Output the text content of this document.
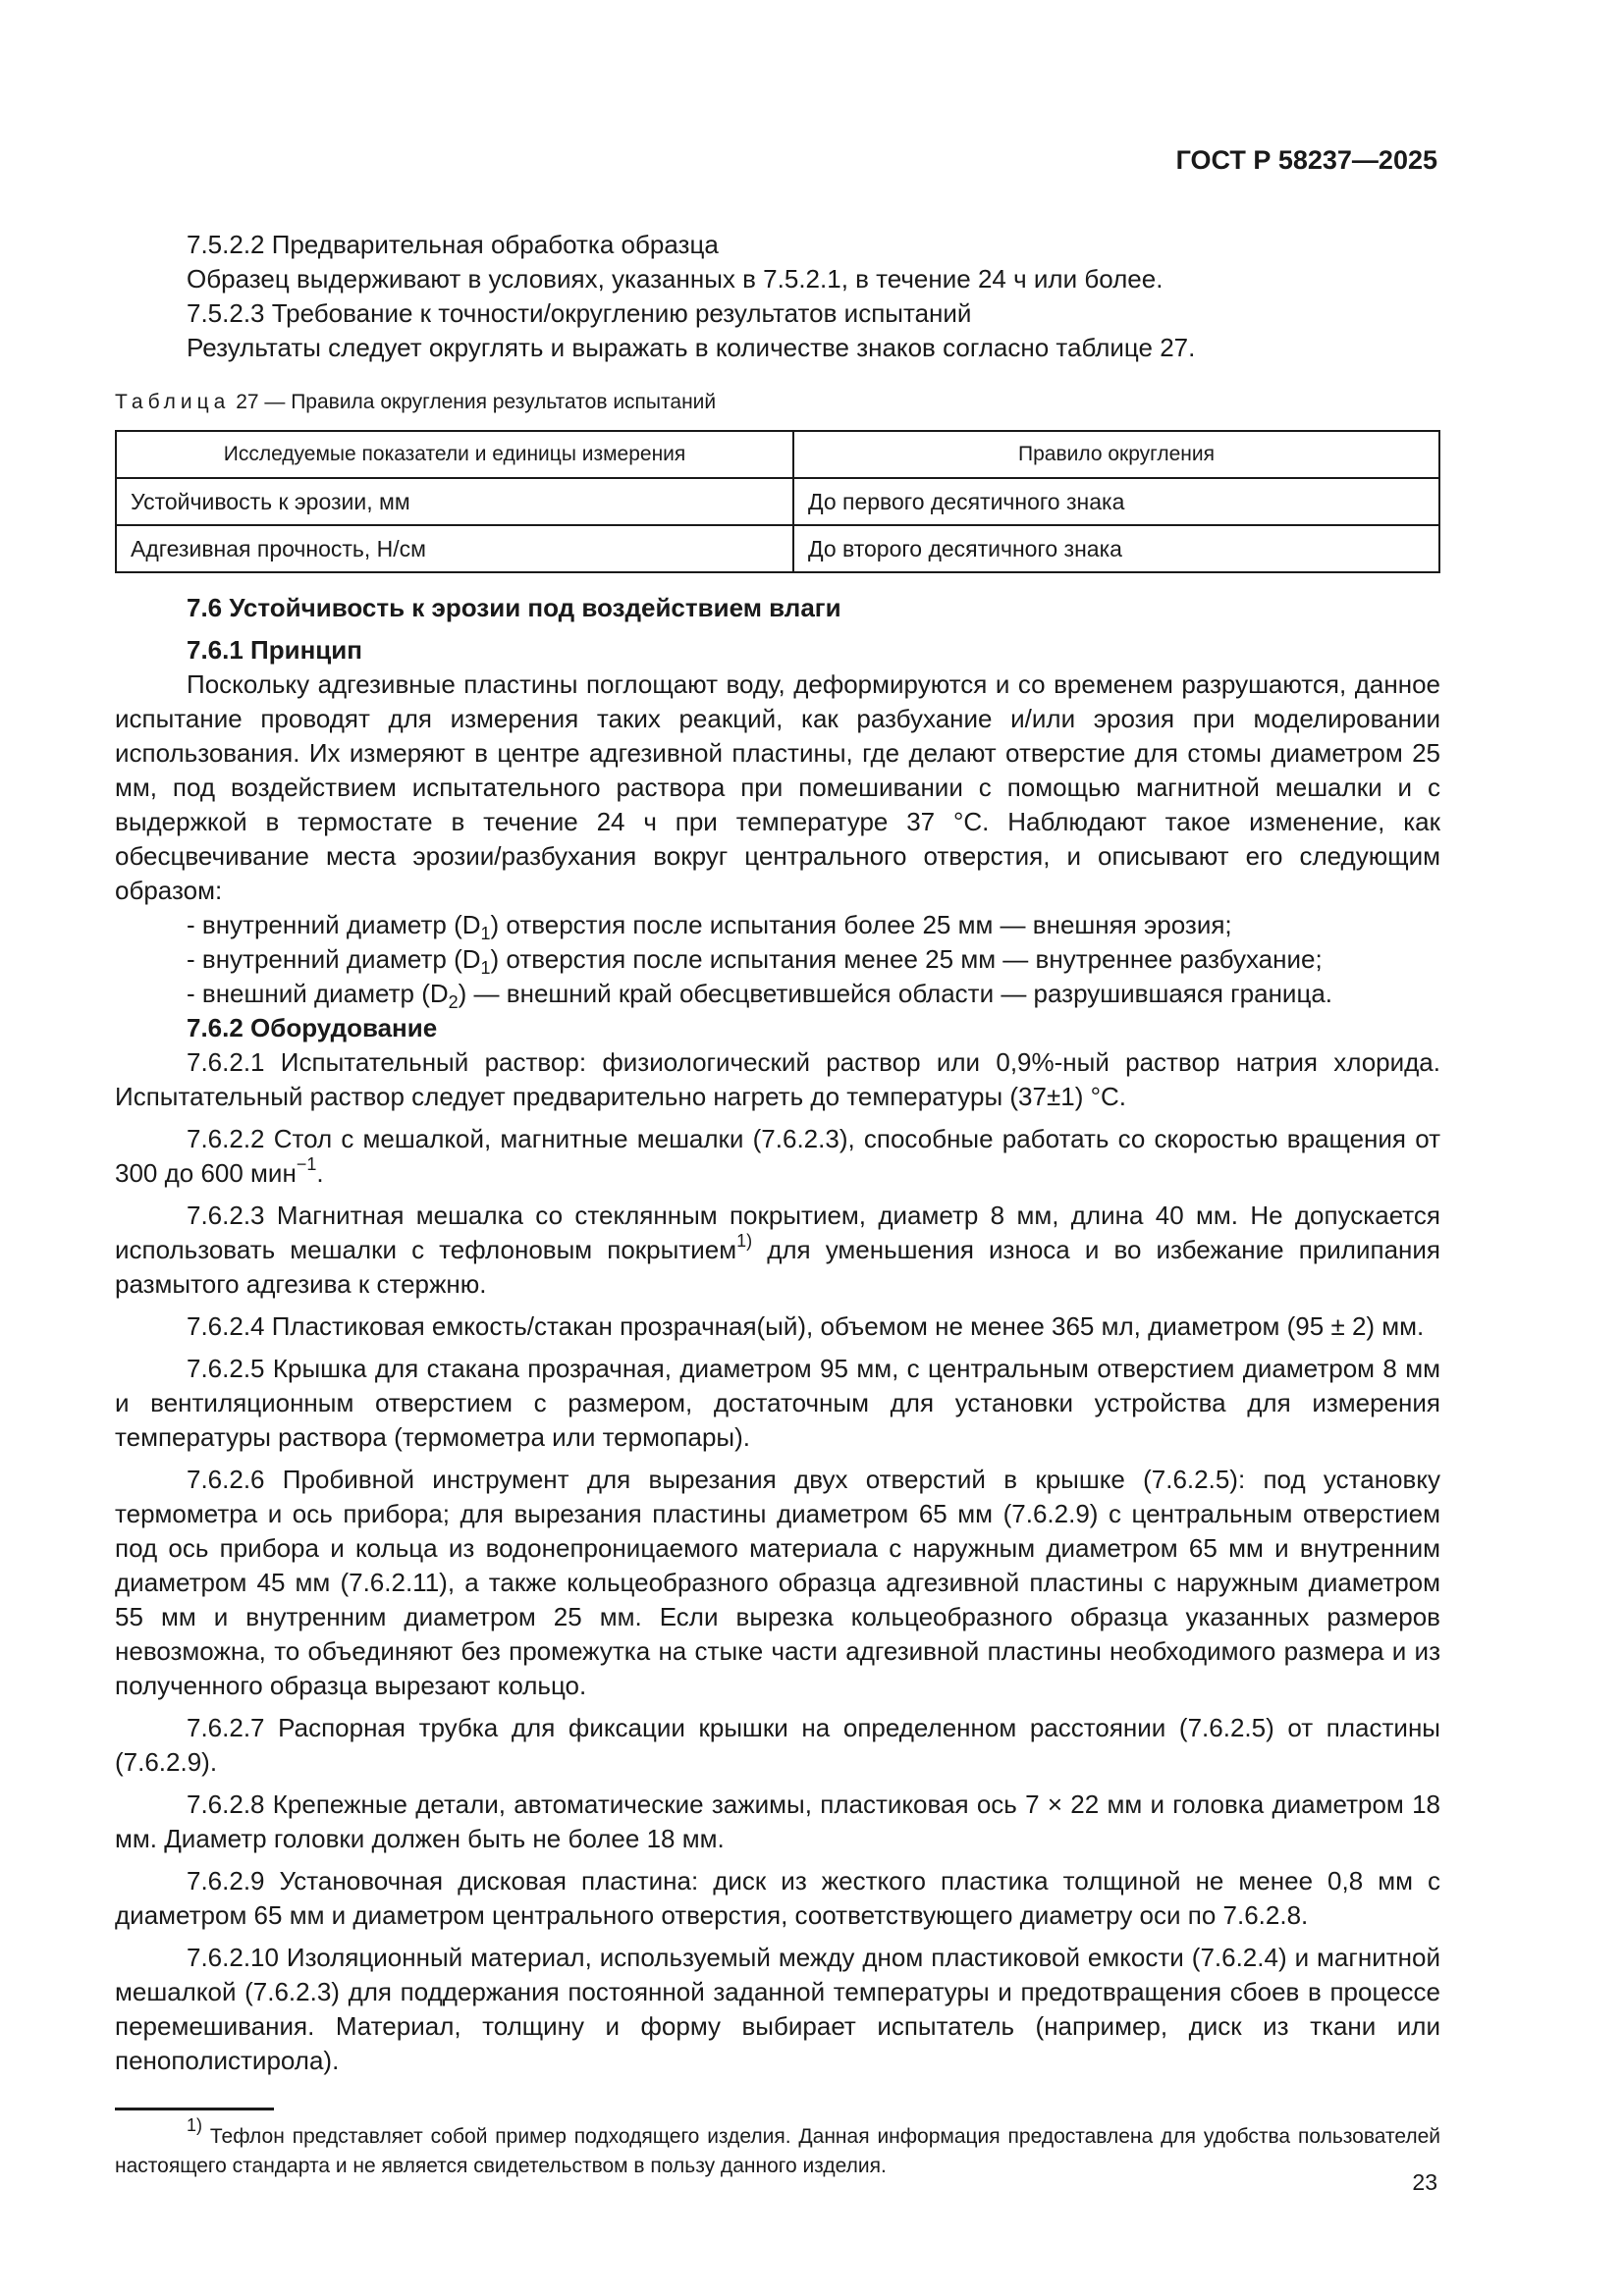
ГОСТ Р 58237—2025

7.5.2.2 Предварительная обработка образца

Образец выдерживают в условиях, указанных в 7.5.2.1, в течение 24 ч или более.

7.5.2.3 Требование к точности/округлению результатов испытаний

Результаты следует округлять и выражать в количестве знаков согласно таблице 27.

Таблица 27 — Правила округления результатов испытаний

Исследуемые показатели и единицы измерения	Правило округления
Устойчивость к эрозии, мм	До первого десятичного знака
Адгезивная прочность, Н/см	До второго десятичного знака

7.6 Устойчивость к эрозии под воздействием влаги

7.6.1 Принцип

Поскольку адгезивные пластины поглощают воду, деформируются и со временем разрушаются, данное испытание проводят для измерения таких реакций, как разбухание и/или эрозия при моделировании использования. Их измеряют в центре адгезивной пластины, где делают отверстие для стомы диаметром 25 мм, под воздействием испытательного раствора при помешивании с помощью магнитной мешалки и с выдержкой в термостате в течение 24 ч при температуре 37 °C. Наблюдают такое изменение, как обесцвечивание места эрозии/разбухания вокруг центрального отверстия, и описывают его следующим образом:

- внутренний диаметр $(D_1)$ отверстия после испытания более 25 мм — внешняя эрозия;

- внутренний диаметр $(D_1)$ отверстия после испытания менее 25 мм — внутреннее разбухание;

- внешний диаметр $(D_2)$ — внешний край обесцветившейся области — разрушившаяся граница.

7.6.2 Оборудование

7.6.2.1 Испытательный раствор: физиологический раствор или 0,9%-ный раствор натрия хлорида. Испытательный раствор следует предварительно нагреть до температуры (37±1) °C.

7.6.2.2 Стол с мешалкой, магнитные мешалки (7.6.2.3), способные работать со скоростью вращения от 300 до 600 мин$^{-1}$.

7.6.2.3 Магнитная мешалка со стеклянным покрытием, диаметр 8 мм, длина 40 мм. Не допускается использовать мешалки с тефлоновым покрытием$^{1)}$ для уменьшения износа и во избежание прилипания размытого адгезива к стержню.

7.6.2.4 Пластиковая емкость/стакан прозрачная(ый), объемом не менее 365 мл, диаметром (95 ± 2) мм.

7.6.2.5 Крышка для стакана прозрачная, диаметром 95 мм, с центральным отверстием диаметром 8 мм и вентиляционным отверстием с размером, достаточным для установки устройства для измерения температуры раствора (термометра или термопары).

7.6.2.6 Пробивной инструмент для вырезания двух отверстий в крышке (7.6.2.5): под установку термометра и ось прибора; для вырезания пластины диаметром 65 мм (7.6.2.9) с центральным отверстием под ось прибора и кольца из водонепроницаемого материала с наружным диаметром 65 мм и внутренним диаметром 45 мм (7.6.2.11), а также кольцеобразного образца адгезивной пластины с наружным диаметром 55 мм и внутренним диаметром 25 мм. Если вырезка кольцеобразного образца указанных размеров невозможна, то объединяют без промежутка на стыке части адгезивной пластины необходимого размера и из полученного образца вырезают кольцо.

7.6.2.7 Распорная трубка для фиксации крышки на определенном расстоянии (7.6.2.5) от пластины (7.6.2.9).

7.6.2.8 Крепежные детали, автоматические зажимы, пластиковая ось 7 × 22 мм и головка диаметром 18 мм. Диаметр головки должен быть не более 18 мм.

7.6.2.9 Установочная дисковая пластина: диск из жесткого пластика толщиной не менее 0,8 мм с диаметром 65 мм и диаметром центрального отверстия, соответствующего диаметру оси по 7.6.2.8.

7.6.2.10 Изоляционный материал, используемый между дном пластиковой емкости (7.6.2.4) и магнитной мешалкой (7.6.2.3) для поддержания постоянной заданной температуры и предотвращения сбоев в процессе перемешивания. Материал, толщину и форму выбирает испытатель (например, диск из ткани или пенополистирола).

$^{1)}$ Тефлон представляет собой пример подходящего изделия. Данная информация предоставлена для удобства пользователей настоящего стандарта и не является свидетельством в пользу данного изделия.

23
